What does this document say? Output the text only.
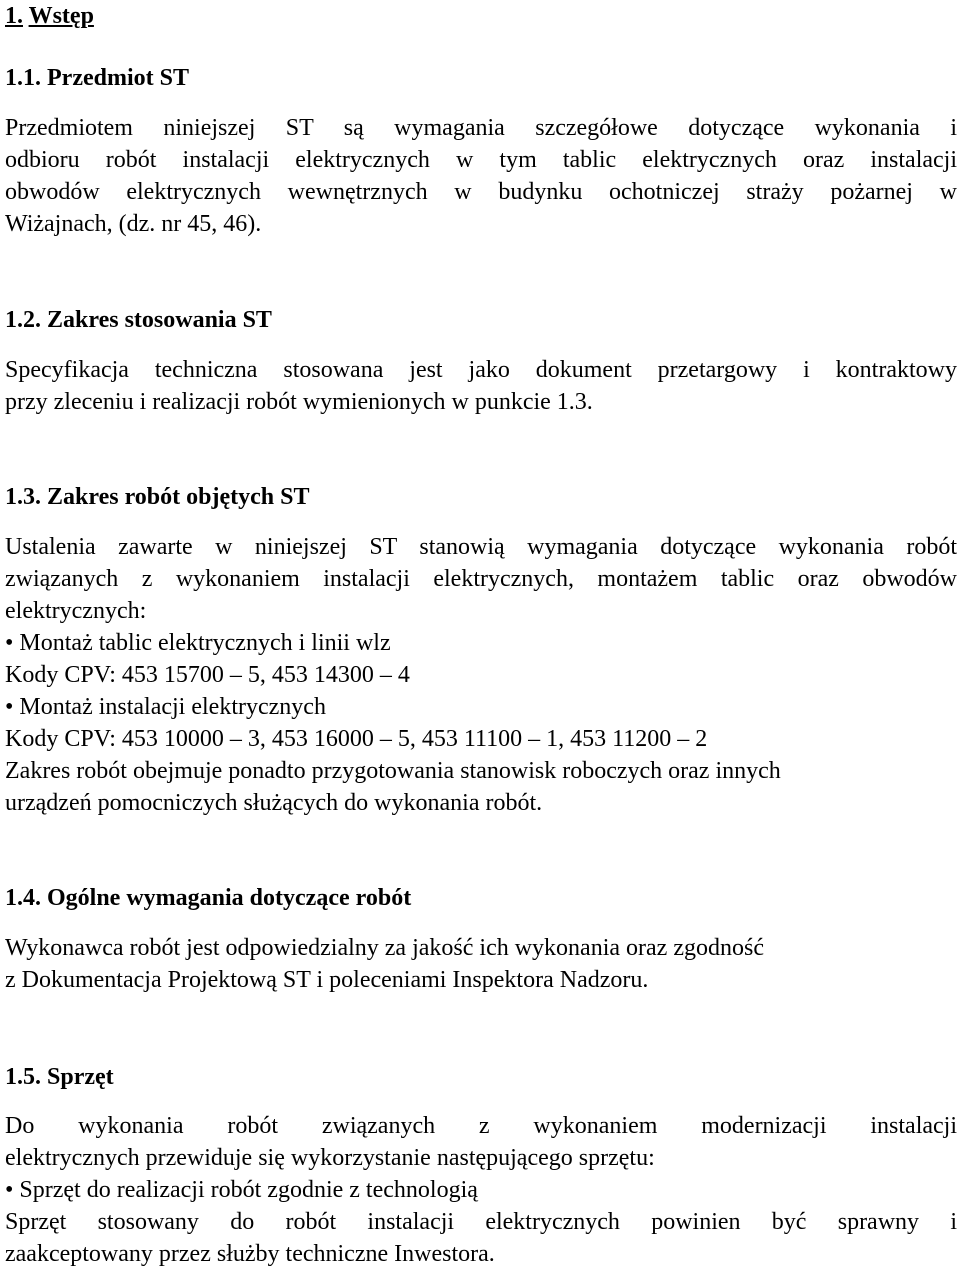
1. Wstęp
1.1. Przedmiot ST
Przedmiotem niniejszej ST są wymagania szczegółowe dotyczące wykonania i
odbioru robót instalacji elektrycznych w tym tablic elektrycznych oraz instalacji
obwodów elektrycznych wewnętrznych w budynku ochotniczej straży pożarnej w
Wiżajnach, (dz. nr 45, 46).
1.2. Zakres stosowania ST
Specyfikacja techniczna stosowana jest jako dokument przetargowy i kontraktowy
przy zleceniu i realizacji robót wymienionych w punkcie 1.3.
1.3. Zakres robót objętych ST
Ustalenia zawarte w niniejszej ST stanowią wymagania dotyczące wykonania robót
związanych z wykonaniem instalacji elektrycznych, montażem tablic oraz obwodów
elektrycznych:
• Montaż tablic elektrycznych i linii wlz
Kody CPV: 453 15700 – 5, 453 14300 – 4
• Montaż instalacji elektrycznych
Kody CPV: 453 10000 – 3, 453 16000 – 5, 453 11100 – 1, 453 11200 – 2
Zakres robót obejmuje ponadto przygotowania stanowisk roboczych oraz innych
urządzeń pomocniczych służących do wykonania robót.
1.4. Ogólne wymagania dotyczące robót
Wykonawca robót jest odpowiedzialny za jakość ich wykonania oraz zgodność
z Dokumentacja Projektową ST i poleceniami Inspektora Nadzoru.
1.5. Sprzęt
Do wykonania robót związanych z wykonaniem modernizacji instalacji
elektrycznych przewiduje się wykorzystanie następującego sprzętu:
• Sprzęt do realizacji robót zgodnie z technologią
Sprzęt stosowany do robót instalacji elektrycznych powinien być sprawny i
zaakceptowany przez służby techniczne Inwestora.
